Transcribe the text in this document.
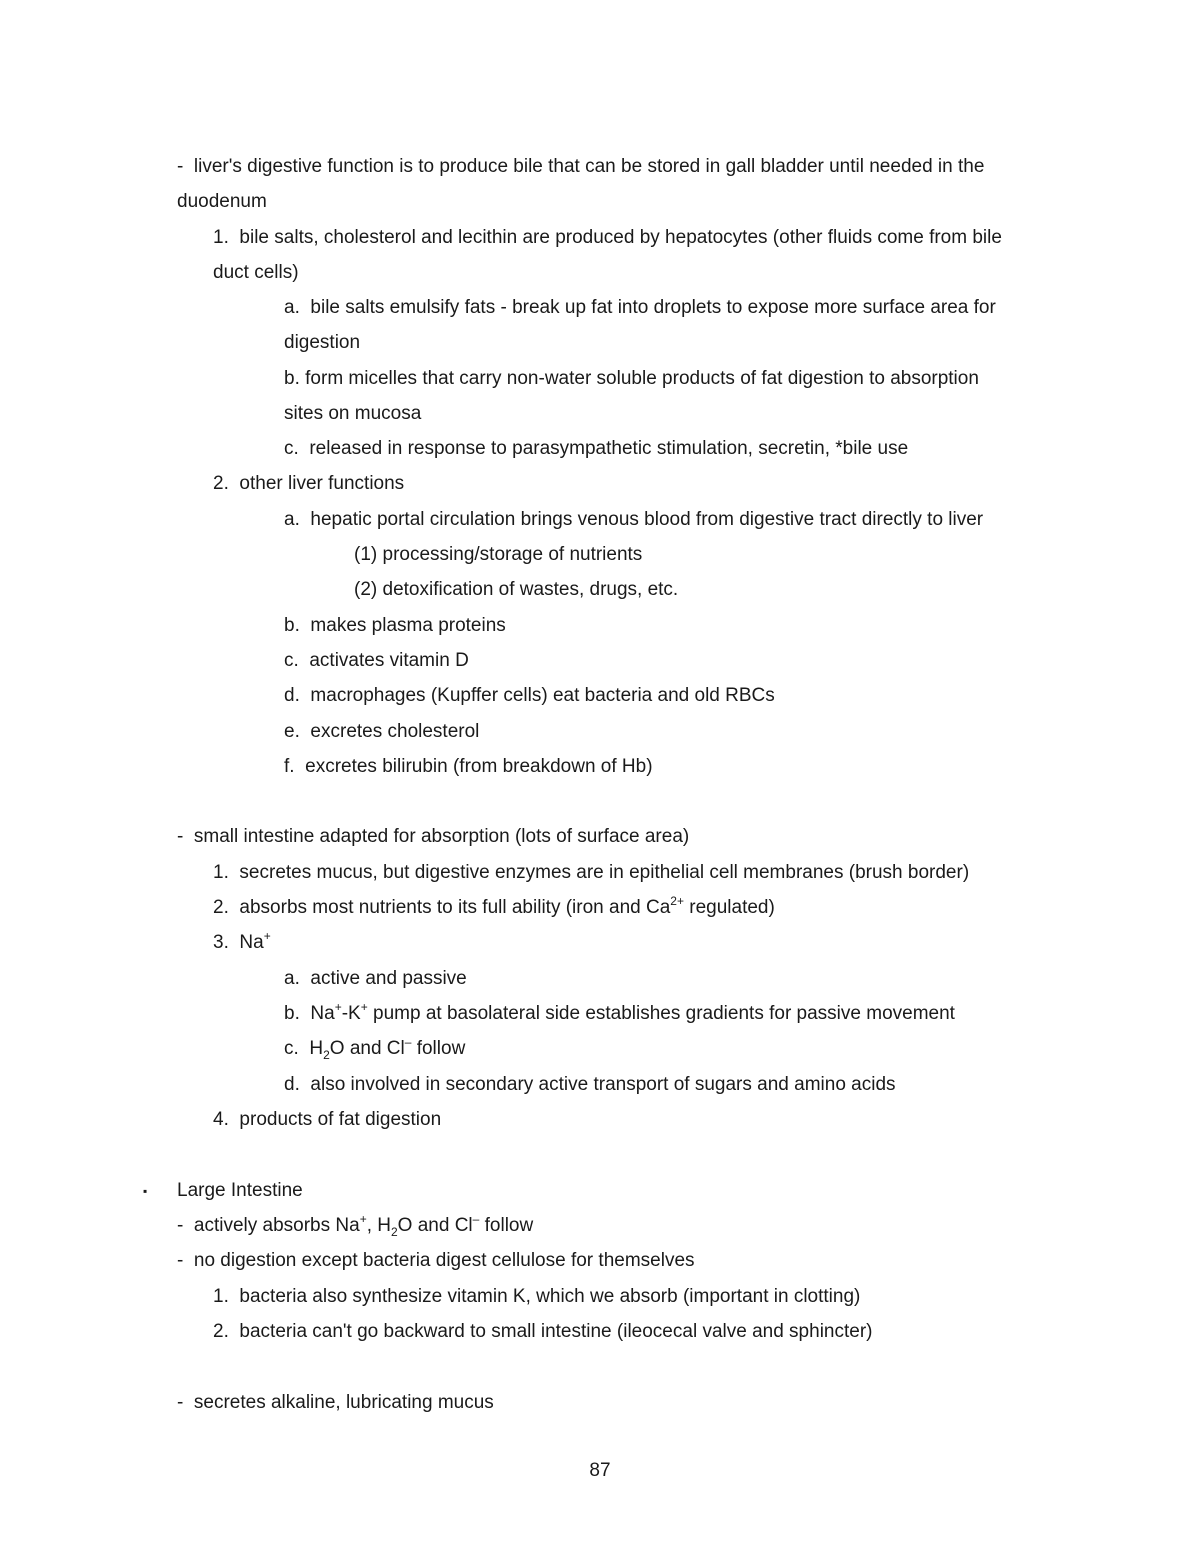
- liver's digestive function is to produce bile that can be stored in gall bladder until needed in the
duodenum
1. bile salts, cholesterol and lecithin are produced by hepatocytes (other fluids come from bile
duct cells)
a. bile salts emulsify fats - break up fat into droplets to expose more surface area for
digestion
b. form micelles that carry non-water soluble products of fat digestion to absorption
sites on mucosa
c. released in response to parasympathetic stimulation, secretin, *bile use
2. other liver functions
a. hepatic portal circulation brings venous blood from digestive tract directly to liver
(1) processing/storage of nutrients
(2) detoxification of wastes, drugs, etc.
b. makes plasma proteins
c. activates vitamin D
d. macrophages (Kupffer cells) eat bacteria and old RBCs
e. excretes cholesterol
f. excretes bilirubin (from breakdown of Hb)
- small intestine adapted for absorption (lots of surface area)
1. secretes mucus, but digestive enzymes are in epithelial cell membranes (brush border)
2. absorbs most nutrients to its full ability (iron and $Ca^{2+}$ regulated)
3. Na+
a. active and passive
b. Na+-K+ pump at basolateral side establishes gradients for passive movement
c. $H_2O$ and Cl– follow
d. also involved in secondary active transport of sugars and amino acids
4. products of fat digestion
▪ Large Intestine
- actively absorbs Na+, $H_2O$ and Cl– follow
- no digestion except bacteria digest cellulose for themselves
1. bacteria also synthesize vitamin K, which we absorb (important in clotting)
2. bacteria can't go backward to small intestine (ileocecal valve and sphincter)
- secretes alkaline, lubricating mucus
87
